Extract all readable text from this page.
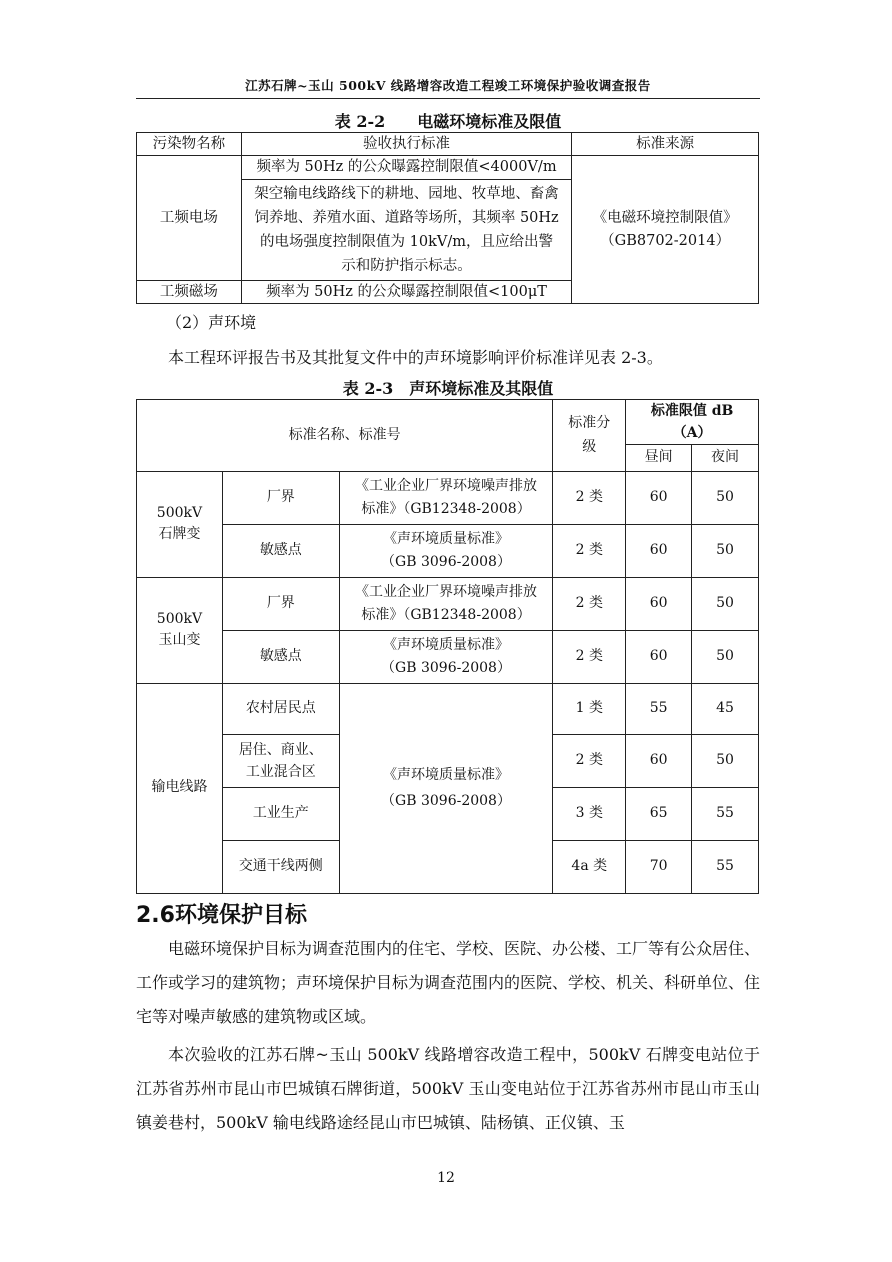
江苏石牌~玉山 500kV 线路增容改造工程竣工环境保护验收调查报告
表 2-2　　电磁环境标准及限值
污染物名称	验收执行标准	标准来源
工频电场	频率为 50Hz 的公众曝露控制限值<4000V/m	《电磁环境控制限值》（GB8702-2014）
	架空输电线路线下的耕地、园地、牧草地、畜禽饲养地、养殖水面、道路等场所，其频率 50Hz 的电场强度控制限值为 10kV/m，且应给出警示和防护指示标志。	
工频磁场	频率为 50Hz 的公众曝露控制限值<100μT	
（2）声环境
本工程环评报告书及其批复文件中的声环境影响评价标准详见表 2-3。
表 2-3　声环境标准及其限值
标准名称、标准号			标准分级	标准限值 dB（A）	
				昼间	夜间
500kV 石牌变	厂界	《工业企业厂界环境噪声排放标准》（GB12348-2008）	2 类	60	50
	敏感点	《声环境质量标准》（GB 3096-2008）	2 类	60	50
500kV 玉山变	厂界	《工业企业厂界环境噪声排放标准》（GB12348-2008）	2 类	60	50
	敏感点	《声环境质量标准》（GB 3096-2008）	2 类	60	50
输电线路	农村居民点	《声环境质量标准》（GB 3096-2008）	1 类	55	45
	居住、商业、工业混合区		2 类	60	50
	工业生产		3 类	65	55
	交通干线两侧		4a 类	70	55
2.6环境保护目标
电磁环境保护目标为调查范围内的住宅、学校、医院、办公楼、工厂等有公众居住、工作或学习的建筑物；声环境保护目标为调查范围内的医院、学校、机关、科研单位、住宅等对噪声敏感的建筑物或区域。
本次验收的江苏石牌~玉山 500kV 线路增容改造工程中，500kV 石牌变电站位于江苏省苏州市昆山市巴城镇石牌街道，500kV 玉山变电站位于江苏省苏州市昆山市玉山镇姜巷村，500kV 输电线路途经昆山市巴城镇、陆杨镇、正仪镇、玉
12
